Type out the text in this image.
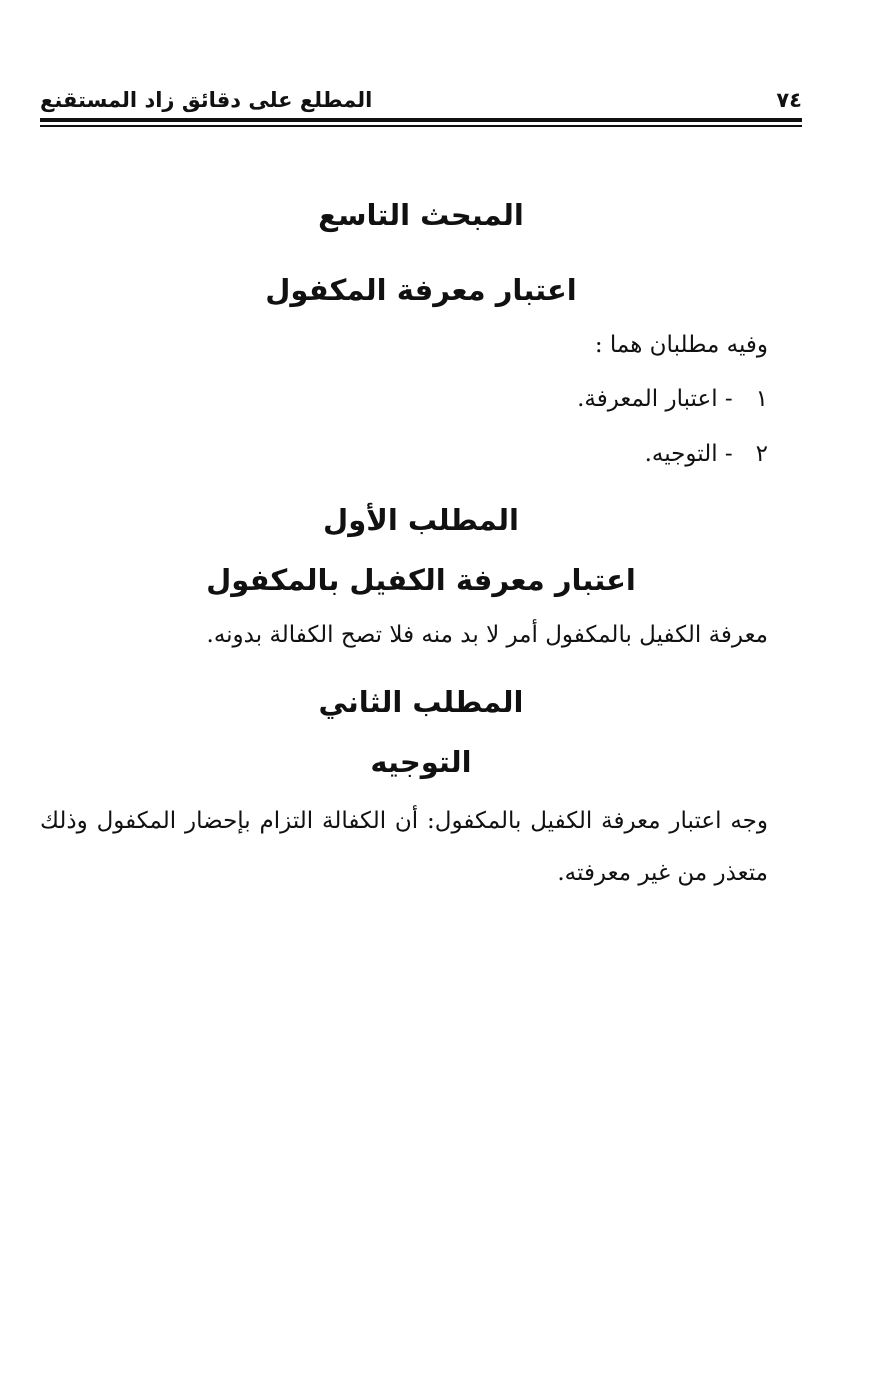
٧٤
المطلع على دقائق زاد المستقنع
المبحث التاسع
اعتبار معرفة المكفول
وفيه مطلبان هما :
١ - اعتبار المعرفة.
٢ - التوجيه.
المطلب الأول
اعتبار معرفة الكفيل بالمكفول
معرفة الكفيل بالمكفول أمر لا بد منه فلا تصح الكفالة بدونه.
المطلب الثاني
التوجيه
وجه اعتبار معرفة الكفيل بالمكفول: أن الكفالة التزام بإحضار المكفول وذلك متعذر من غير معرفته.
